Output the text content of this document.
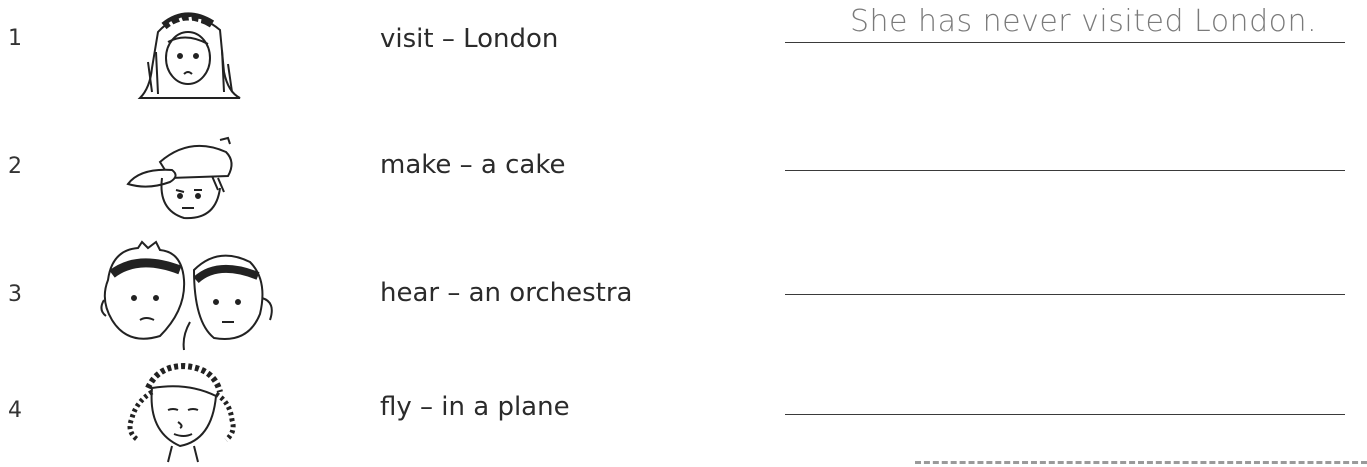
1	visit – London	She has never visited London.
2	make – a cake
3	hear – an orchestra
4	fly – in a plane
